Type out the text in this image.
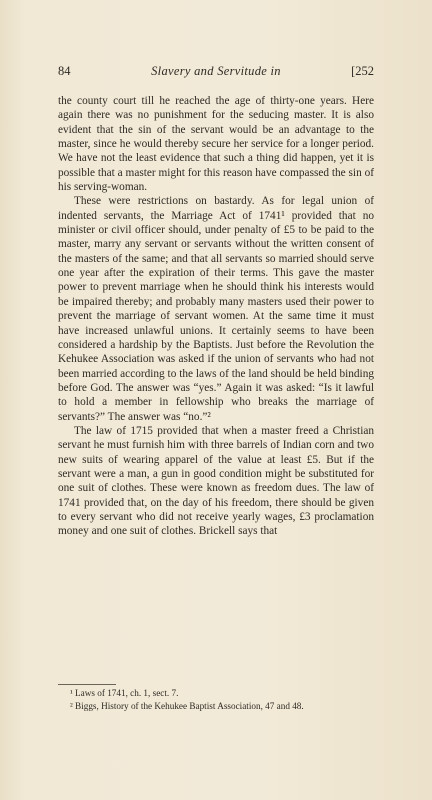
84	Slavery and Servitude in	[252

the county court till he reached the age of thirty-one years. Here again there was no punishment for the seducing master. It is also evident that the sin of the servant would be an advantage to the master, since he would thereby secure her service for a longer period. We have not the least evidence that such a thing did happen, yet it is possible that a master might for this reason have compassed the sin of his serving-woman.

These were restrictions on bastardy. As for legal union of indented servants, the Marriage Act of 1741¹ provided that no minister or civil officer should, under penalty of £5 to be paid to the master, marry any servant or servants without the written consent of the masters of the same; and that all servants so married should serve one year after the expiration of their terms. This gave the master power to prevent marriage when he should think his interests would be impaired thereby; and probably many masters used their power to prevent the marriage of servant women. At the same time it must have increased unlawful unions. It certainly seems to have been considered a hardship by the Baptists. Just before the Revolution the Kehukee Association was asked if the union of servants who had not been married according to the laws of the land should be held binding before God. The answer was “yes.” Again it was asked: “Is it lawful to hold a member in fellowship who breaks the marriage of servants?” The answer was “no.”²

The law of 1715 provided that when a master freed a Christian servant he must furnish him with three barrels of Indian corn and two new suits of wearing apparel of the value at least £5. But if the servant were a man, a gun in good condition might be substituted for one suit of clothes. These were known as freedom dues. The law of 1741 provided that, on the day of his freedom, there should be given to every servant who did not receive yearly wages, £3 proclamation money and one suit of clothes. Brickell says that

¹ Laws of 1741, ch. 1, sect. 7.
² Biggs, History of the Kehukee Baptist Association, 47 and 48.
